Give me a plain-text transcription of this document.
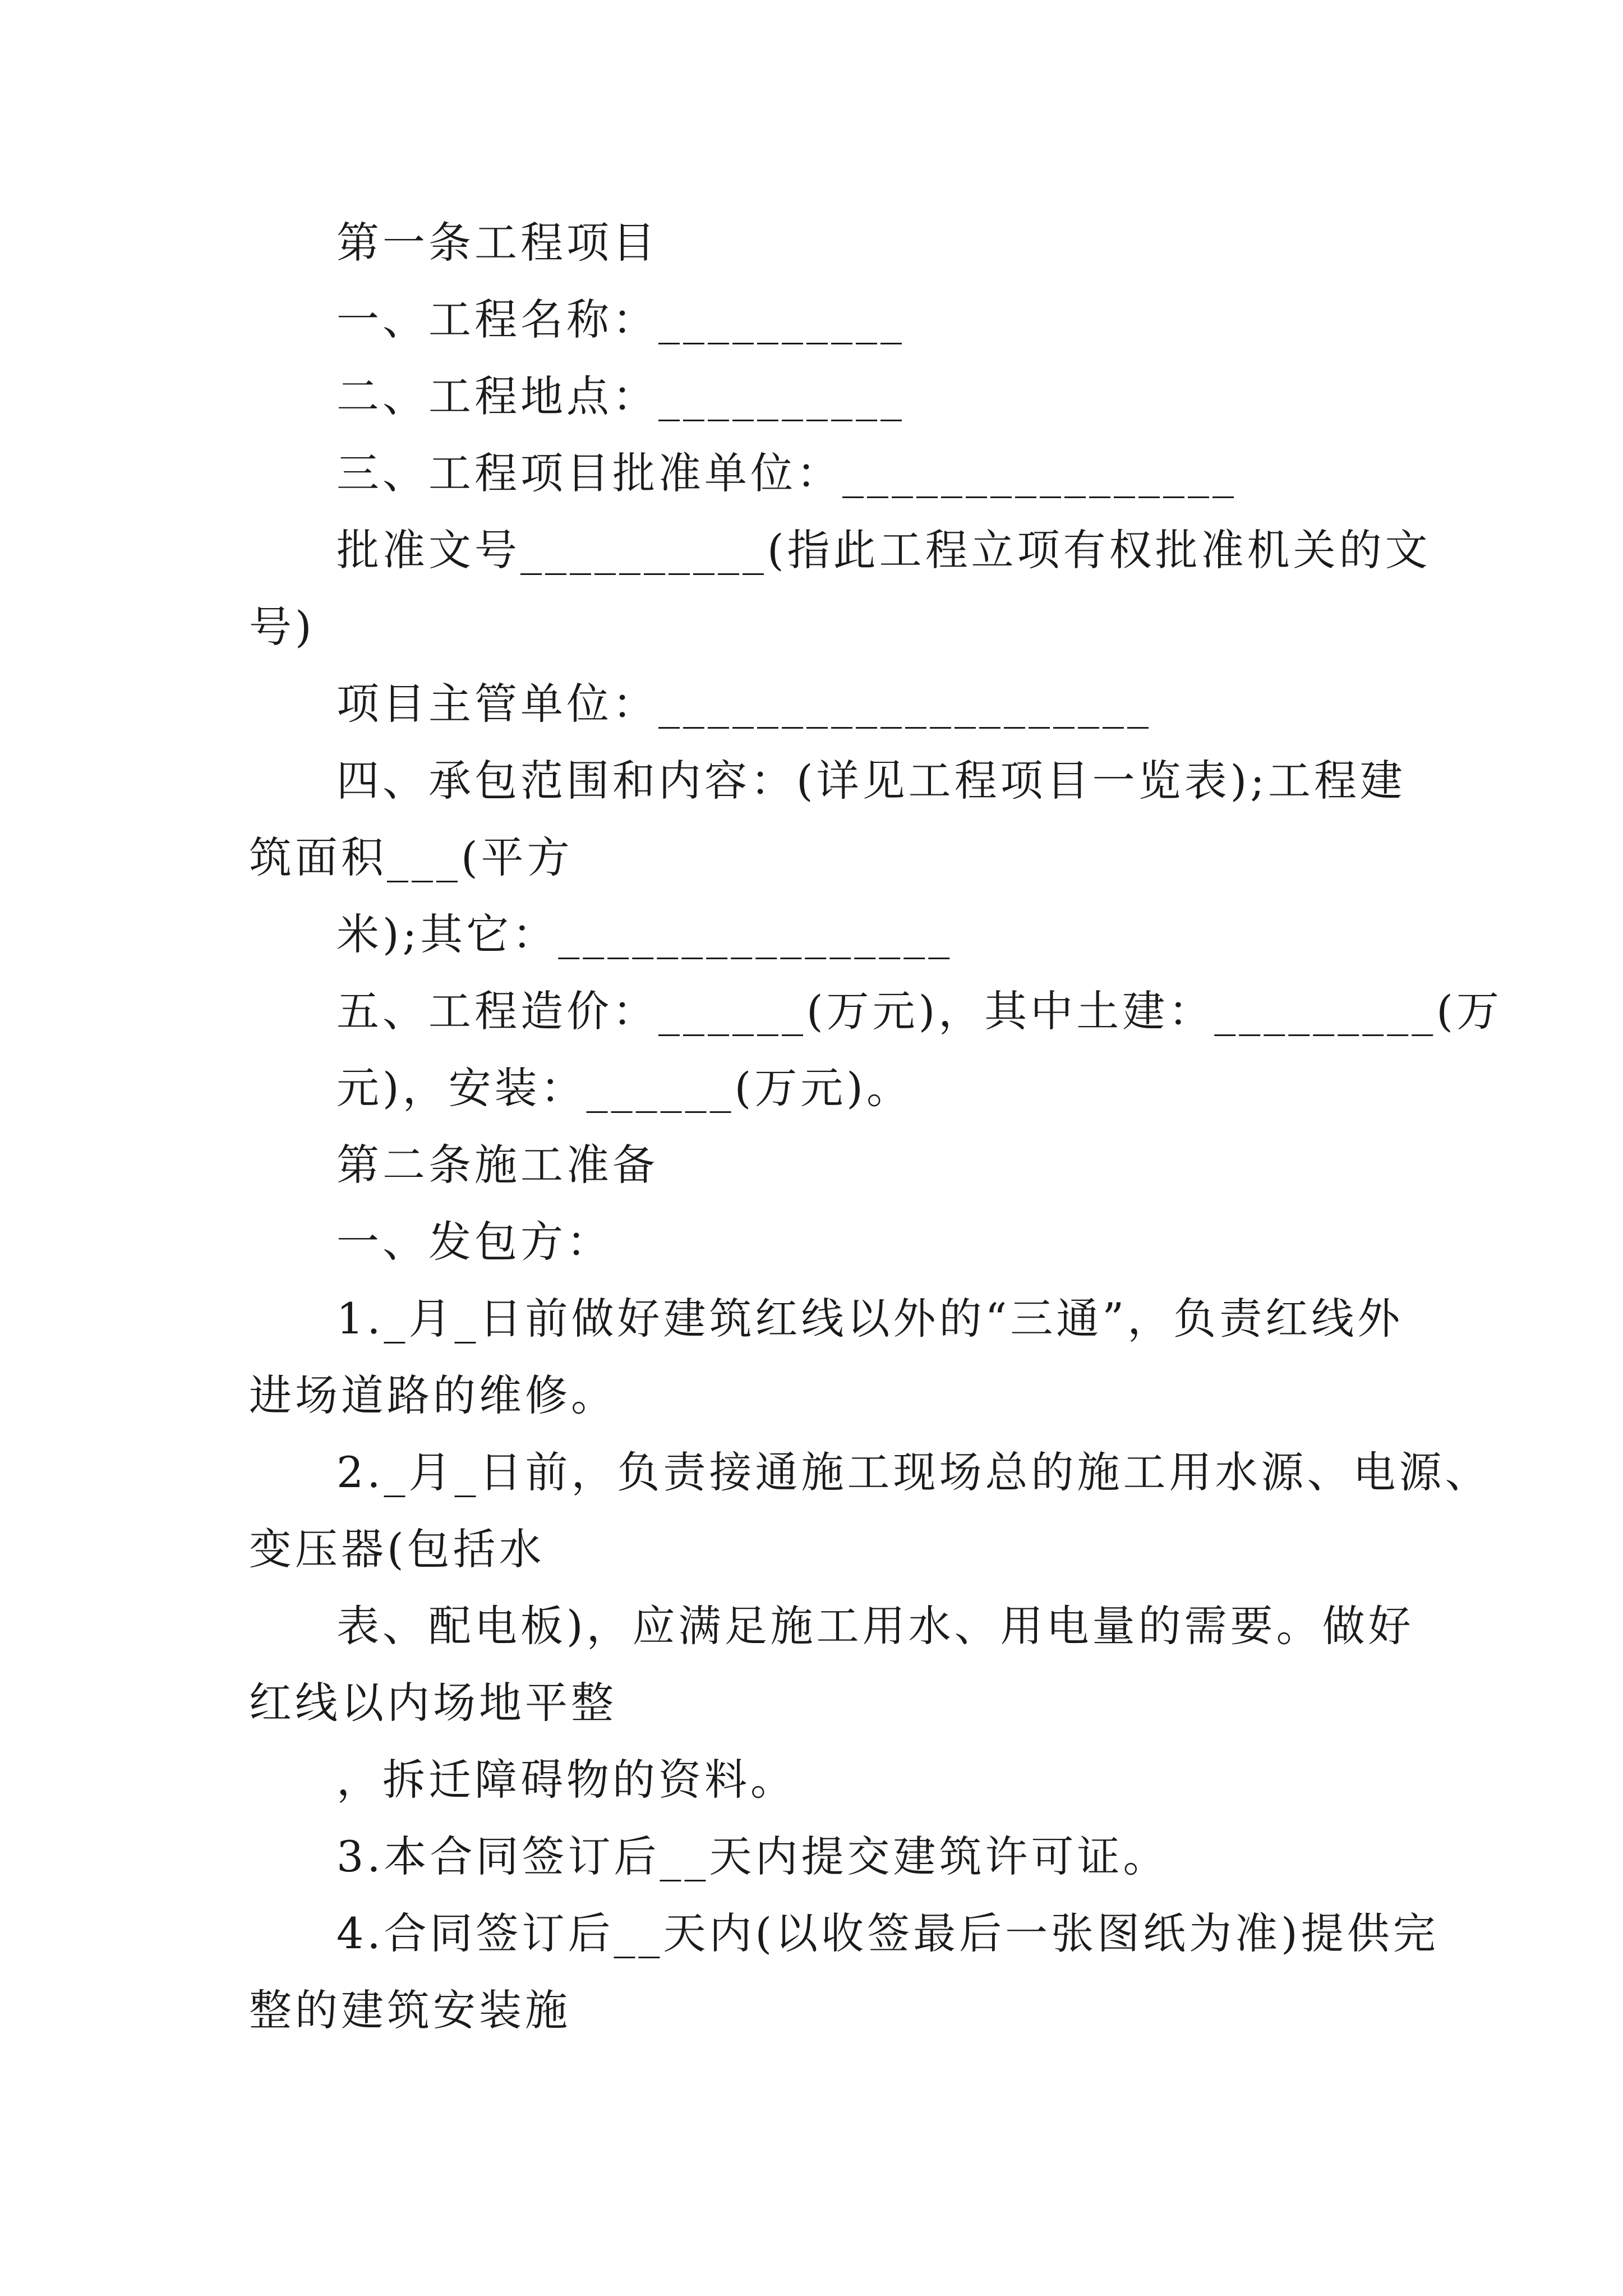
第一条工程项目
一、工程名称：__________
二、工程地点：__________
三、工程项目批准单位：________________
批准文号__________(指此工程立项有权批准机关的文
号)
项目主管单位：____________________
四、承包范围和内容：(详见工程项目一览表);工程建
筑面积___(平方
米);其它：________________
五、工程造价：______(万元)，其中土建：_________(万
元)，安装：______(万元)。
第二条施工准备
一、发包方：
1._月_日前做好建筑红线以外的“三通”，负责红线外
进场道路的维修。
2._月_日前，负责接通施工现场总的施工用水源、电源、
变压器(包括水
表、配电板)，应满足施工用水、用电量的需要。做好
红线以内场地平整
，拆迁障碍物的资料。
3.本合同签订后__天内提交建筑许可证。
4.合同签订后__天内(以收签最后一张图纸为准)提供完
整的建筑安装施
